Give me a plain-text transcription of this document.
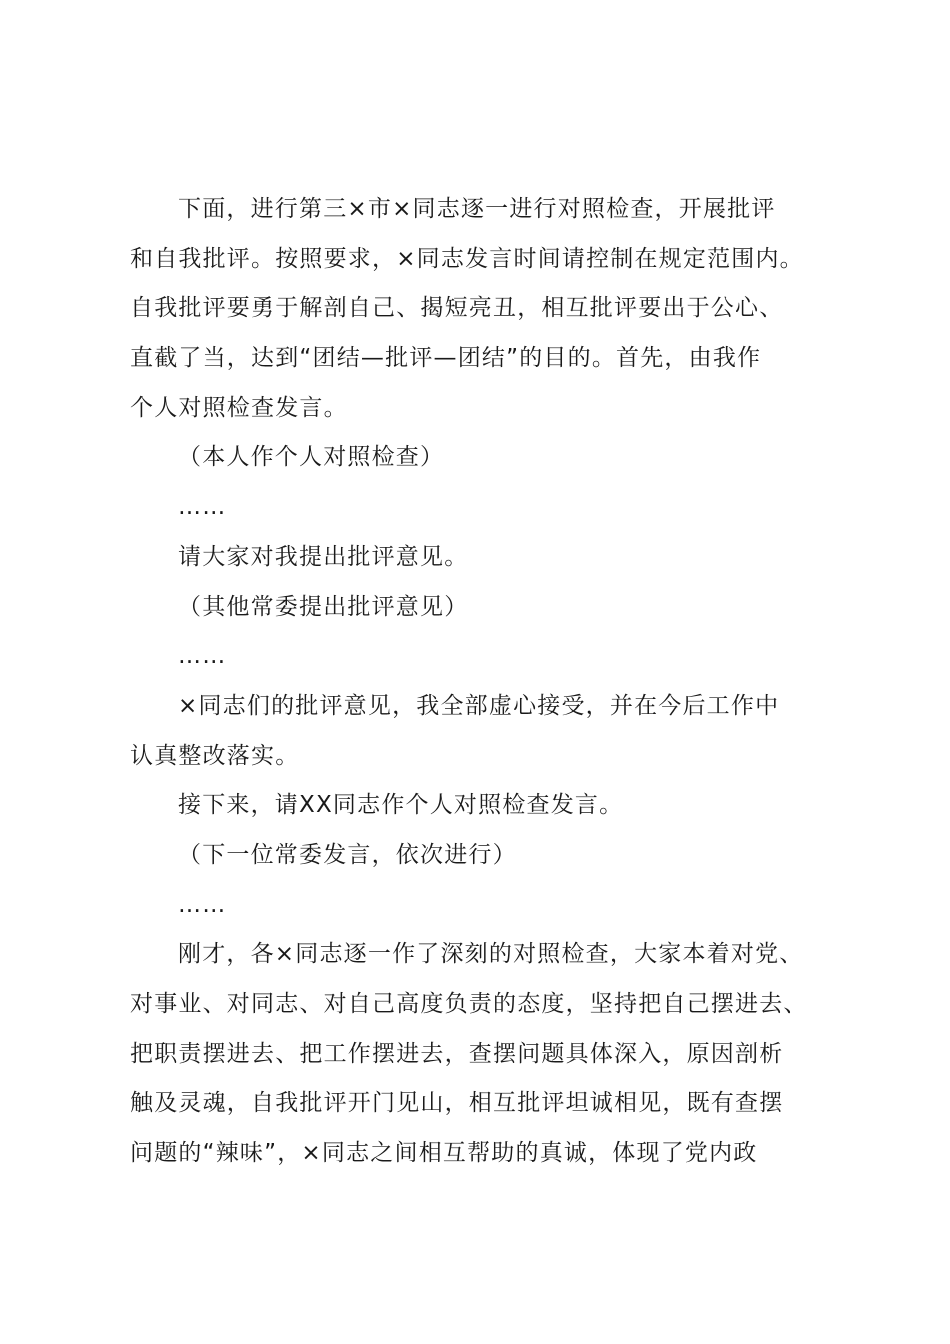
下面，进行第三×市×同志逐一进行对照检查，开展批评
和自我批评。按照要求，×同志发言时间请控制在规定范围内。
自我批评要勇于解剖自己、揭短亮丑，相互批评要出于公心、
直截了当，达到“团结—批评—团结”的目的。首先，由我作
个人对照检查发言。
（本人作个人对照检查）
……
请大家对我提出批评意见。
（其他常委提出批评意见）
……
×同志们的批评意见，我全部虚心接受，并在今后工作中
认真整改落实。
接下来，请XX同志作个人对照检查发言。
（下一位常委发言，依次进行）
……
刚才，各×同志逐一作了深刻的对照检查，大家本着对党、
对事业、对同志、对自己高度负责的态度，坚持把自己摆进去、
把职责摆进去、把工作摆进去，查摆问题具体深入，原因剖析
触及灵魂，自我批评开门见山，相互批评坦诚相见，既有查摆
问题的“辣味”，×同志之间相互帮助的真诚，体现了党内政
